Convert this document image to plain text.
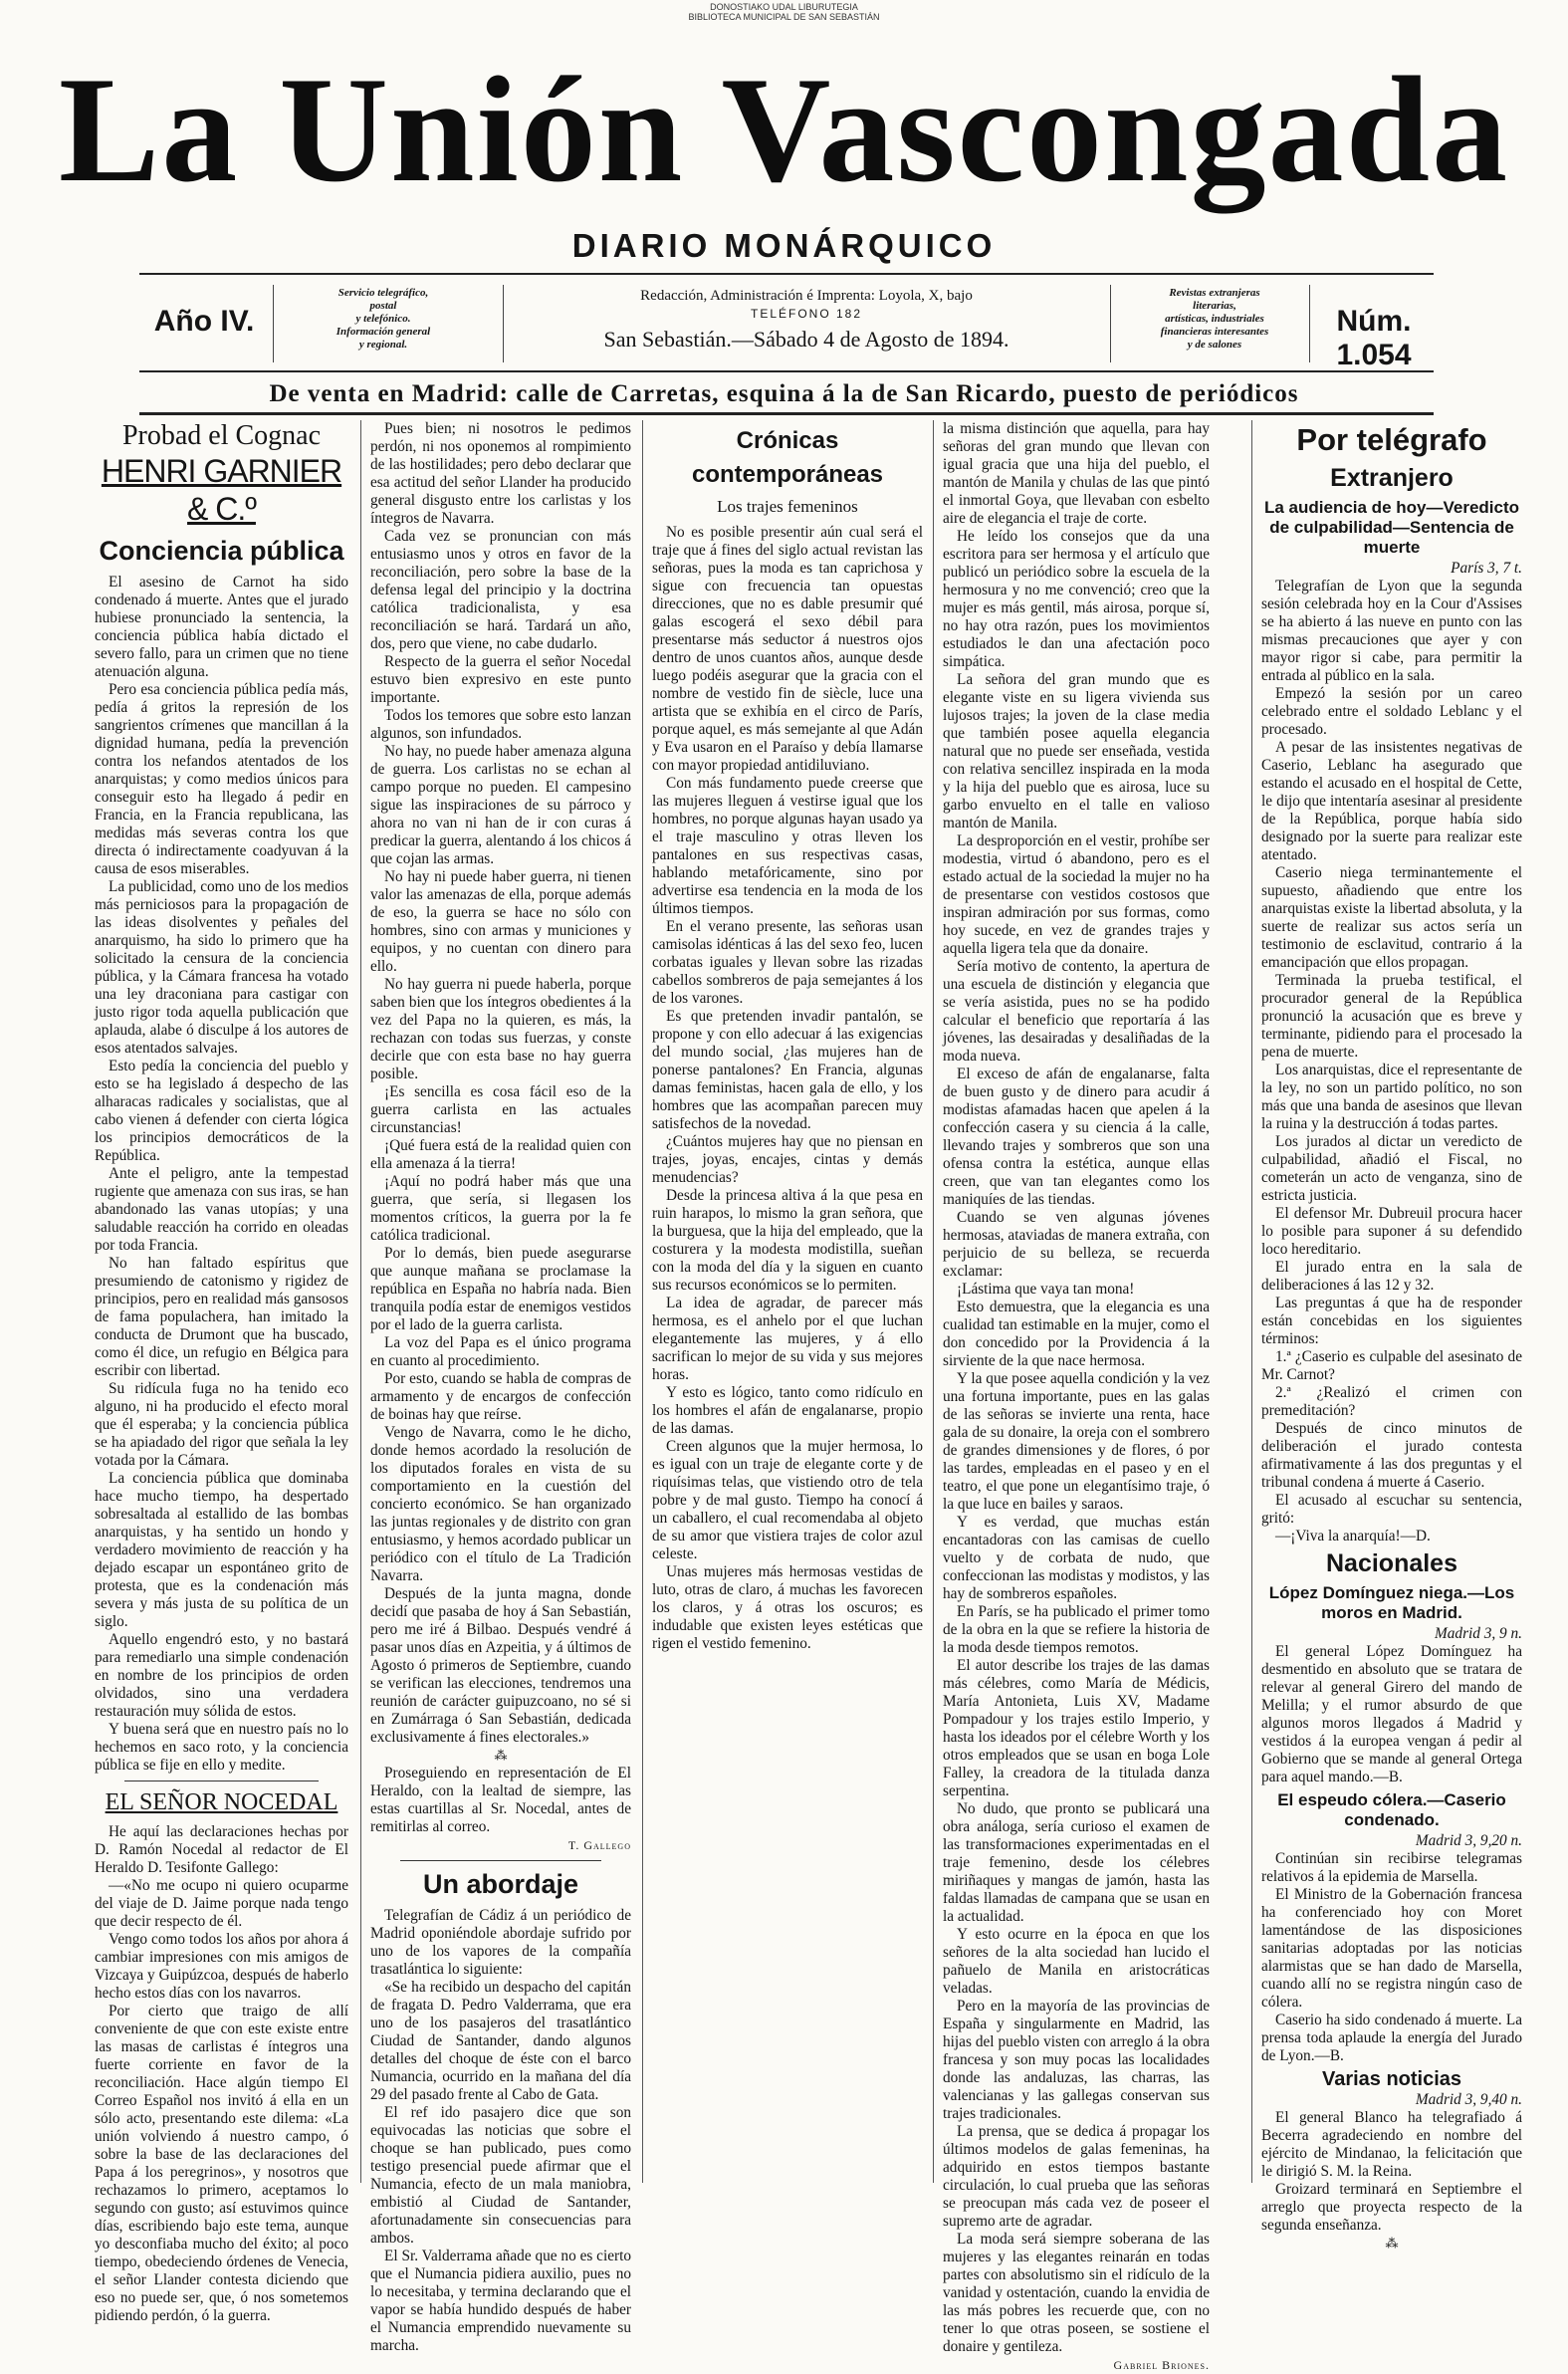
DONOSTIAKO UDAL LIBURUTEGIA
BIBLIOTECA MUNICIPAL DE SAN SEBASTIÁN
La Unión Vascongada
DIARIO MONÁRQUICO
Año IV.
Servicio telegráfico,
postal
y telefónico.
Información general
y regional.
Redacción, Administración é Imprenta: Loyola, X, bajo
TELÉFONO 182
San Sebastián.—Sábado 4 de Agosto de 1894.
Revistas extranjeras
literarias,
artísticas, industriales
financieras interesantes
y de salones
Núm. 1.054
De venta en Madrid: calle de Carretas, esquina á la de San Ricardo, puesto de periódicos
Probad el Cognac
HENRI GARNIER & C.º
Conciencia pública

El asesino de Carnot ha sido condenado á muerte. Antes que el jurado hubiese pronunciado la sentencia, la conciencia pública había dictado el severo fallo, para un crimen que no tiene atenuación alguna.

Pero esa conciencia pública pedía más, pedía á gritos la represión de los sangrientos crímenes que mancillan á la dignidad humana, pedía la prevención contra los nefandos atentados de los anarquistas; y como medios únicos para conseguir esto ha llegado á pedir en Francia, en la Francia republicana, las medidas más severas contra los que directa ó indirectamente coadyuvan á la causa de esos miserables.

La publicidad, como uno de los medios más perniciosos para la propagación de las ideas disolventes y peñales del anarquismo, ha sido lo primero que ha solicitado la censura de la conciencia pública, y la Cámara francesa ha votado una ley draconiana para castigar con justo rigor toda aquella publicación que aplauda, alabe ó disculpe á los autores de esos atentados salvajes.

Esto pedía la conciencia del pueblo y esto se ha legislado á despecho de las alharacas radicales y socialistas, que al cabo vienen á defender con cierta lógica los principios democráticos de la República.

Ante el peligro, ante la tempestad rugiente que amenaza con sus iras, se han abandonado las vanas utopías; y una saludable reacción ha corrido en oleadas por toda Francia.

No han faltado espíritus que presumiendo de catonismo y rigidez de principios, pero en realidad más gansosos de fama populachera, han imitado la conducta de Drumont que ha buscado, como él dice, un refugio en Bélgica para escribir con libertad.

Su ridícula fuga no ha tenido eco alguno, ni ha producido el efecto moral que él esperaba; y la conciencia pública se ha apiadado del rigor que señala la ley votada por la Cámara.

La conciencia pública que dominaba hace mucho tiempo, ha despertado sobresaltada al estallido de las bombas anarquistas, y ha sentido un hondo y verdadero movimiento de reacción y ha dejado escapar un espontáneo grito de protesta, que es la condenación más severa y más justa de su política de un siglo.

Aquello engendró esto, y no bastará para remediarlo una simple condenación en nombre de los principios de orden olvidados, sino una verdadera restauración muy sólida de estos.

Y buena será que en nuestro país no lo hechemos en saco roto, y la conciencia pública se fije en ello y medite.

EL SEÑOR NOCEDAL

He aquí las declaraciones hechas por D. Ramón Nocedal al redactor de El Heraldo D. Tesifonte Gallego:

—«No me ocupo ni quiero ocuparme del viaje de D. Jaime porque nada tengo que decir respecto de él.

Vengo como todos los años por ahora á cambiar impresiones con mis amigos de Vizcaya y Guipúzcoa, después de haberlo hecho estos días con los navarros.

Por cierto que traigo de allí conveniente de que con este existe entre las masas de carlistas é íntegros una fuerte corriente en favor de la reconciliación. Hace algún tiempo El Correo Español nos invitó á ella en un sólo acto, presentando este dilema: «La unión volviendo á nuestro campo, ó sobre la base de las declaraciones del Papa á los peregrinos», y nosotros que rechazamos lo primero, aceptamos lo segundo con gusto; así estuvimos quince días, escribiendo bajo este tema, aunque yo desconfiaba mucho del éxito; al poco tiempo, obedeciendo órdenes de Venecia, el señor Llander contesta diciendo que eso no puede ser, que, ó nos sometemos pidiendo perdón, ó la guerra.

Pues bien; ni nosotros le pedimos perdón, ni nos oponemos al rompimiento de las hostilidades; pero debo declarar que esa actitud del señor Llander ha producido general disgusto entre los carlistas y los íntegros de Navarra.

Cada vez se pronuncian con más entusiasmo unos y otros en favor de la reconciliación, pero sobre la base de la defensa legal del principio y la doctrina católica tradicionalista, y esa reconciliación se hará. Tardará un año, dos, pero que viene, no cabe dudarlo.

Respecto de la guerra el señor Nocedal estuvo bien expresivo en este punto importante.

Todos los temores que sobre esto lanzan algunos, son infundados.

No hay, no puede haber amenaza alguna de guerra. Los carlistas no se echan al campo porque no pueden. El campesino sigue las inspiraciones de su párroco y ahora no van ni han de ir con curas á predicar la guerra, alentando á los chicos á que cojan las armas.

No hay ni puede haber guerra, ni tienen valor las amenazas de ella, porque además de eso, la guerra se hace no sólo con hombres, sino con armas y municiones y equipos, y no cuentan con dinero para ello.

No hay guerra ni puede haberla, porque saben bien que los íntegros obedientes á la vez del Papa no la quieren, es más, la rechazan con todas sus fuerzas, y conste decirle que con esta base no hay guerra posible.

¡Es sencilla es cosa fácil eso de la guerra carlista en las actuales circunstancias!

¡Qué fuera está de la realidad quien con ella amenaza á la tierra!

¡Aquí no podrá haber más que una guerra, que sería, si llegasen los momentos críticos, la guerra por la fe católica tradicional.

Por lo demás, bien puede asegurarse que aunque mañana se proclamase la república en España no habría nada. Bien tranquila podía estar de enemigos vestidos por el lado de la guerra carlista.

La voz del Papa es el único programa en cuanto al procedimiento.

Por esto, cuando se habla de compras de armamento y de encargos de confección de boinas hay que reírse.

Vengo de Navarra, como le he dicho, donde hemos acordado la resolución de los diputados forales en vista de su comportamiento en la cuestión del concierto económico. Se han organizado las juntas regionales y de distrito con gran entusiasmo, y hemos acordado publicar un periódico con el título de La Tradición Navarra.

Después de la junta magna, donde decidí que pasaba de hoy á San Sebastián, pero me iré á Bilbao. Después vendré á pasar unos días en Azpeitia, y á últimos de Agosto ó primeros de Septiembre, cuando se verifican las elecciones, tendremos una reunión de carácter guipuzcoano, no sé si en Zumárraga ó San Sebastián, dedicada exclusivamente á fines electorales.»

⁂

Proseguiendo en representación de El Heraldo, con la lealtad de siempre, las estas cuartillas al Sr. Nocedal, antes de remitirlas al correo.

T. Gallego

Un abordaje

Telegrafían de Cádiz á un periódico de Madrid oponiéndole abordaje sufrido por uno de los vapores de la compañía trasatlántica lo siguiente:

«Se ha recibido un despacho del capitán de fragata D. Pedro Valderrama, que era uno de los pasajeros del trasatlántico Ciudad de Santander, dando algunos detalles del choque de éste con el barco Numancia, ocurrido en la mañana del día 29 del pasado frente al Cabo de Gata.

El ref ido pasajero dice que son equivocadas las noticias que sobre el choque se han publicado, pues como testigo presencial puede afirmar que el Numancia, efecto de un mala maniobra, embistió al Ciudad de Santander, afortunadamente sin consecuencias para ambos.

El Sr. Valderrama añade que no es cierto que el Numancia pidiera auxilio, pues no lo necesitaba, y termina declarando que el vapor se había hundido después de haber el Numancia emprendido nuevamente su marcha.

Crónicas contemporáneas
Los trajes femeninos

No es posible presentir aún cual será el traje que á fines del siglo actual revistan las señoras, pues la moda es tan caprichosa y sigue con frecuencia tan opuestas direcciones, que no es dable presumir qué galas escogerá el sexo débil para presentarse más seductor á nuestros ojos dentro de unos cuantos años, aunque desde luego podéis asegurar que la gracia con el nombre de vestido fin de siècle, luce una artista que se exhibía en el circo de París, porque aquel, es más semejante al que Adán y Eva usaron en el Paraíso y debía llamarse con mayor propiedad antidiluviano.

Con más fundamento puede creerse que las mujeres lleguen á vestirse igual que los hombres, no porque algunas hayan usado ya el traje masculino y otras lleven los pantalones en sus respectivas casas, hablando metafóricamente, sino por advertirse esa tendencia en la moda de los últimos tiempos.

En el verano presente, las señoras usan camisolas idénticas á las del sexo feo, lucen corbatas iguales y llevan sobre las rizadas cabellos sombreros de paja semejantes á los de los varones.

Es que pretenden invadir pantalón, se propone y con ello adecuar á las exigencias del mundo social, ¿las mujeres han de ponerse pantalones? En Francia, algunas damas feministas, hacen gala de ello, y los hombres que las acompañan parecen muy satisfechos de la novedad.

¿Cuántos mujeres hay que no piensan en trajes, joyas, encajes, cintas y demás menudencias?

Desde la princesa altiva á la que pesa en ruin harapos, lo mismo la gran señora, que la burguesa, que la hija del empleado, que la costurera y la modesta modistilla, sueñan con la moda del día y la siguen en cuanto sus recursos económicos se lo permiten.

La idea de agradar, de parecer más hermosa, es el anhelo por el que luchan elegantemente las mujeres, y á ello sacrifican lo mejor de su vida y sus mejores horas.

Y esto es lógico, tanto como ridículo en los hombres el afán de engalanarse, propio de las damas.

Creen algunos que la mujer hermosa, lo es igual con un traje de elegante corte y de riquísimas telas, que vistiendo otro de tela pobre y de mal gusto. Tiempo ha conocí á un caballero, el cual recomendaba al objeto de su amor que vistiera trajes de color azul celeste.

Unas mujeres más hermosas vestidas de luto, otras de claro, á muchas les favorecen los claros, y á otras los oscuros; es indudable que existen leyes estéticas que rigen el vestido femenino.

la misma distinción que aquella, para hay señoras del gran mundo que llevan con igual gracia que una hija del pueblo, el mantón de Manila y chulas de las que pintó el inmortal Goya, que llevaban con esbelto aire de elegancia el traje de corte.

He leído los consejos que da una escritora para ser hermosa y el artículo que publicó un periódico sobre la escuela de la hermosura y no me convenció; creo que la mujer es más gentil, más airosa, porque sí, no hay otra razón, pues los movimientos estudiados le dan una afectación poco simpática.

La señora del gran mundo que es elegante viste en su ligera vivienda sus lujosos trajes; la joven de la clase media que también posee aquella elegancia natural que no puede ser enseñada, vestida con relativa sencillez inspirada en la moda y la hija del pueblo que es airosa, luce su garbo envuelto en el talle en valioso mantón de Manila.

La desproporción en el vestir, prohíbe ser modestia, virtud ó abandono, pero es el estado actual de la sociedad la mujer no ha de presentarse con vestidos costosos que inspiran admiración por sus formas, como hoy sucede, en vez de grandes trajes y aquella ligera tela que da donaire.

Sería motivo de contento, la apertura de una escuela de distinción y elegancia que se vería asistida, pues no se ha podido calcular el beneficio que reportaría á las jóvenes, las desairadas y desaliñadas de la moda nueva.

El exceso de afán de engalanarse, falta de buen gusto y de dinero para acudir á modistas afamadas hacen que apelen á la confección casera y su ciencia á la calle, llevando trajes y sombreros que son una ofensa contra la estética, aunque ellas creen, que van tan elegantes como los maniquíes de las tiendas.

Cuando se ven algunas jóvenes hermosas, ataviadas de manera extraña, con perjuicio de su belleza, se recuerda exclamar:

¡Lástima que vaya tan mona!

Esto demuestra, que la elegancia es una cualidad tan estimable en la mujer, como el don concedido por la Providencia á la sirviente de la que nace hermosa.

Y la que posee aquella condición y la vez una fortuna importante, pues en las galas de las señoras se invierte una renta, hace gala de su donaire, la oreja con el sombrero de grandes dimensiones y de flores, ó por las tardes, empleadas en el paseo y en el teatro, el que pone un elegantísimo traje, ó la que luce en bailes y saraos.

Y es verdad, que muchas están encantadoras con las camisas de cuello vuelto y de corbata de nudo, que confeccionan las modistas y modistos, y las hay de sombreros españoles.

En París, se ha publicado el primer tomo de la obra en la que se refiere la historia de la moda desde tiempos remotos.

El autor describe los trajes de las damas más célebres, como María de Médicis, María Antonieta, Luis XV, Madame Pompadour y los trajes estilo Imperio, y hasta los ideados por el célebre Worth y los otros empleados que se usan en boga Lole Falley, la creadora de la titulada danza serpentina.

No dudo, que pronto se publicará una obra análoga, sería curioso el examen de las transformaciones experimentadas en el traje femenino, desde los célebres miriñaques y mangas de jamón, hasta las faldas llamadas de campana que se usan en la actualidad.

Y esto ocurre en la época en que los señores de la alta sociedad han lucido el pañuelo de Manila en aristocráticas veladas.

Pero en la mayoría de las provincias de España y singularmente en Madrid, las hijas del pueblo visten con arreglo á la obra francesa y son muy pocas las localidades donde las andaluzas, las charras, las valencianas y las gallegas conservan sus trajes tradicionales.

La prensa, que se dedica á propagar los últimos modelos de galas femeninas, ha adquirido en estos tiempos bastante circulación, lo cual prueba que las señoras se preocupan más cada vez de poseer el supremo arte de agradar.

La moda será siempre soberana de las mujeres y las elegantes reinarán en todas partes con absolutismo sin el ridículo de la vanidad y ostentación, cuando la envidia de las más pobres les recuerde que, con no tener lo que otras poseen, se sostiene el donaire y gentileza.

Gabriel Briones.

Por telégrafo
Extranjero
La audiencia de hoy—Veredicto de culpabilidad—Sentencia de muerte

París 3, 7 t.

Telegrafían de Lyon que la segunda sesión celebrada hoy en la Cour d'Assises se ha abierto á las nueve en punto con las mismas precauciones que ayer y con mayor rigor si cabe, para permitir la entrada al público en la sala.

Empezó la sesión por un careo celebrado entre el soldado Leblanc y el procesado.

A pesar de las insistentes negativas de Caserio, Leblanc ha asegurado que estando el acusado en el hospital de Cette, le dijo que intentaría asesinar al presidente de la República, porque había sido designado por la suerte para realizar este atentado.

Caserio niega terminantemente el supuesto, añadiendo que entre los anarquistas existe la libertad absoluta, y la suerte de realizar sus actos sería un testimonio de esclavitud, contrario á la emancipación que ellos propagan.

Terminada la prueba testifical, el procurador general de la República pronunció la acusación que es breve y terminante, pidiendo para el procesado la pena de muerte.

Los anarquistas, dice el representante de la ley, no son un partido político, no son más que una banda de asesinos que llevan la ruina y la destrucción á todas partes.

Los jurados al dictar un veredicto de culpabilidad, añadió el Fiscal, no cometerán un acto de venganza, sino de estricta justicia.

El defensor Mr. Dubreuil procura hacer lo posible para suponer á su defendido loco hereditario.

El jurado entra en la sala de deliberaciones á las 12 y 32.

Las preguntas á que ha de responder están concebidas en los siguientes términos:

1.ª ¿Caserio es culpable del asesinato de Mr. Carnot?

2.ª ¿Realizó el crimen con premeditación?

Después de cinco minutos de deliberación el jurado contesta afirmativamente á las dos preguntas y el tribunal condena á muerte á Caserio.

El acusado al escuchar su sentencia, gritó:

—¡Viva la anarquía!—D.

Nacionales
López Domínguez niega.—Los moros en Madrid.

Madrid 3, 9 n.

El general López Domínguez ha desmentido en absoluto que se tratara de relevar al general Girero del mando de Melilla; y el rumor absurdo de que algunos moros llegados á Madrid y vestidos á la europea vengan á pedir al Gobierno que se mande al general Ortega para aquel mando.—B.

El espeudo cólera.—Caserio condenado.

Madrid 3, 9,20 n.

Continúan sin recibirse telegramas relativos á la epidemia de Marsella.

El Ministro de la Gobernación francesa ha conferenciado hoy con Moret lamentándose de las disposiciones sanitarias adoptadas por las noticias alarmistas que se han dado de Marsella, cuando allí no se registra ningún caso de cólera.

Caserio ha sido condenado á muerte. La prensa toda aplaude la energía del Jurado de Lyon.—B.

Varias noticias

Madrid 3, 9,40 n.

El general Blanco ha telegrafiado á Becerra agradeciendo en nombre del ejército de Mindanao, la felicitación que le dirigió S. M. la Reina.

Groizard terminará en Septiembre el arreglo que proyecta respecto de la segunda enseñanza.

⁂
